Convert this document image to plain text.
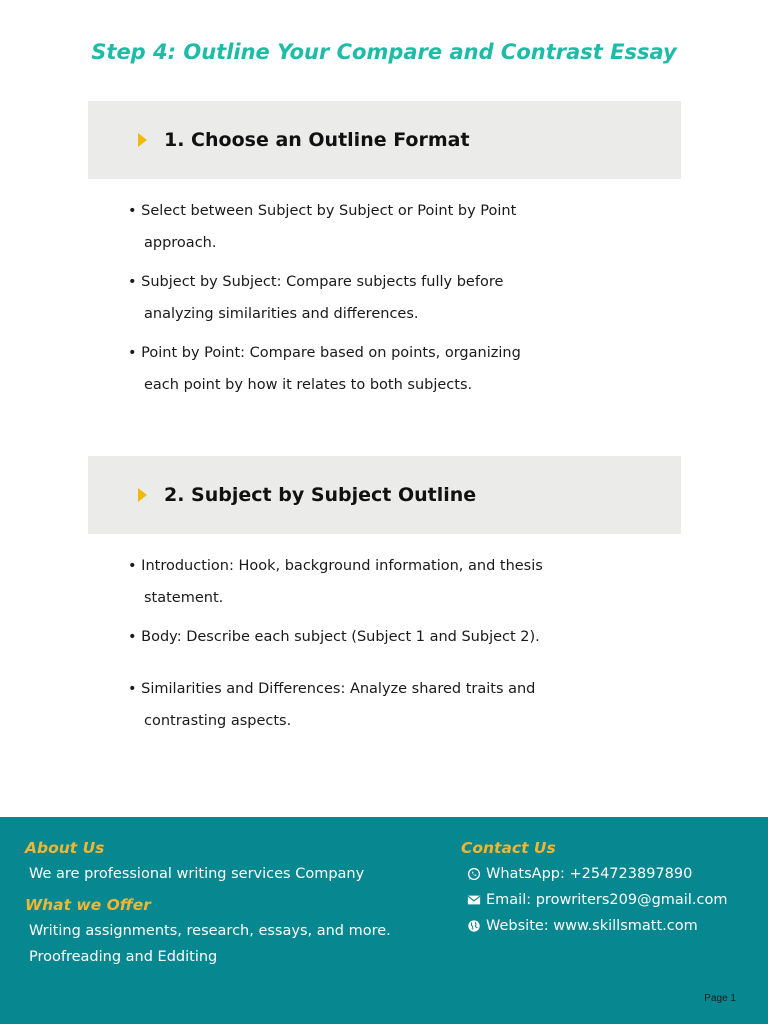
Step 4: Outline Your Compare and Contrast Essay
1. Choose an Outline Format
• Select between Subject by Subject or Point by Point
approach.
• Subject by Subject: Compare subjects fully before
analyzing similarities and differences.
• Point by Point: Compare based on points, organizing
each point by how it relates to both subjects.
2. Subject by Subject Outline
• Introduction: Hook, background information, and thesis
statement.
• Body: Describe each subject (Subject 1 and Subject 2).
• Similarities and Differences: Analyze shared traits and
contrasting aspects.
About Us
We are professional writing services Company
What we Offer
Writing assignments, research, essays, and more.
Proofreading and Edditing
Contact Us
WhatsApp: +254723897890
Email: prowriters209@gmail.com
Website: www.skillsmatt.com
Page 1
